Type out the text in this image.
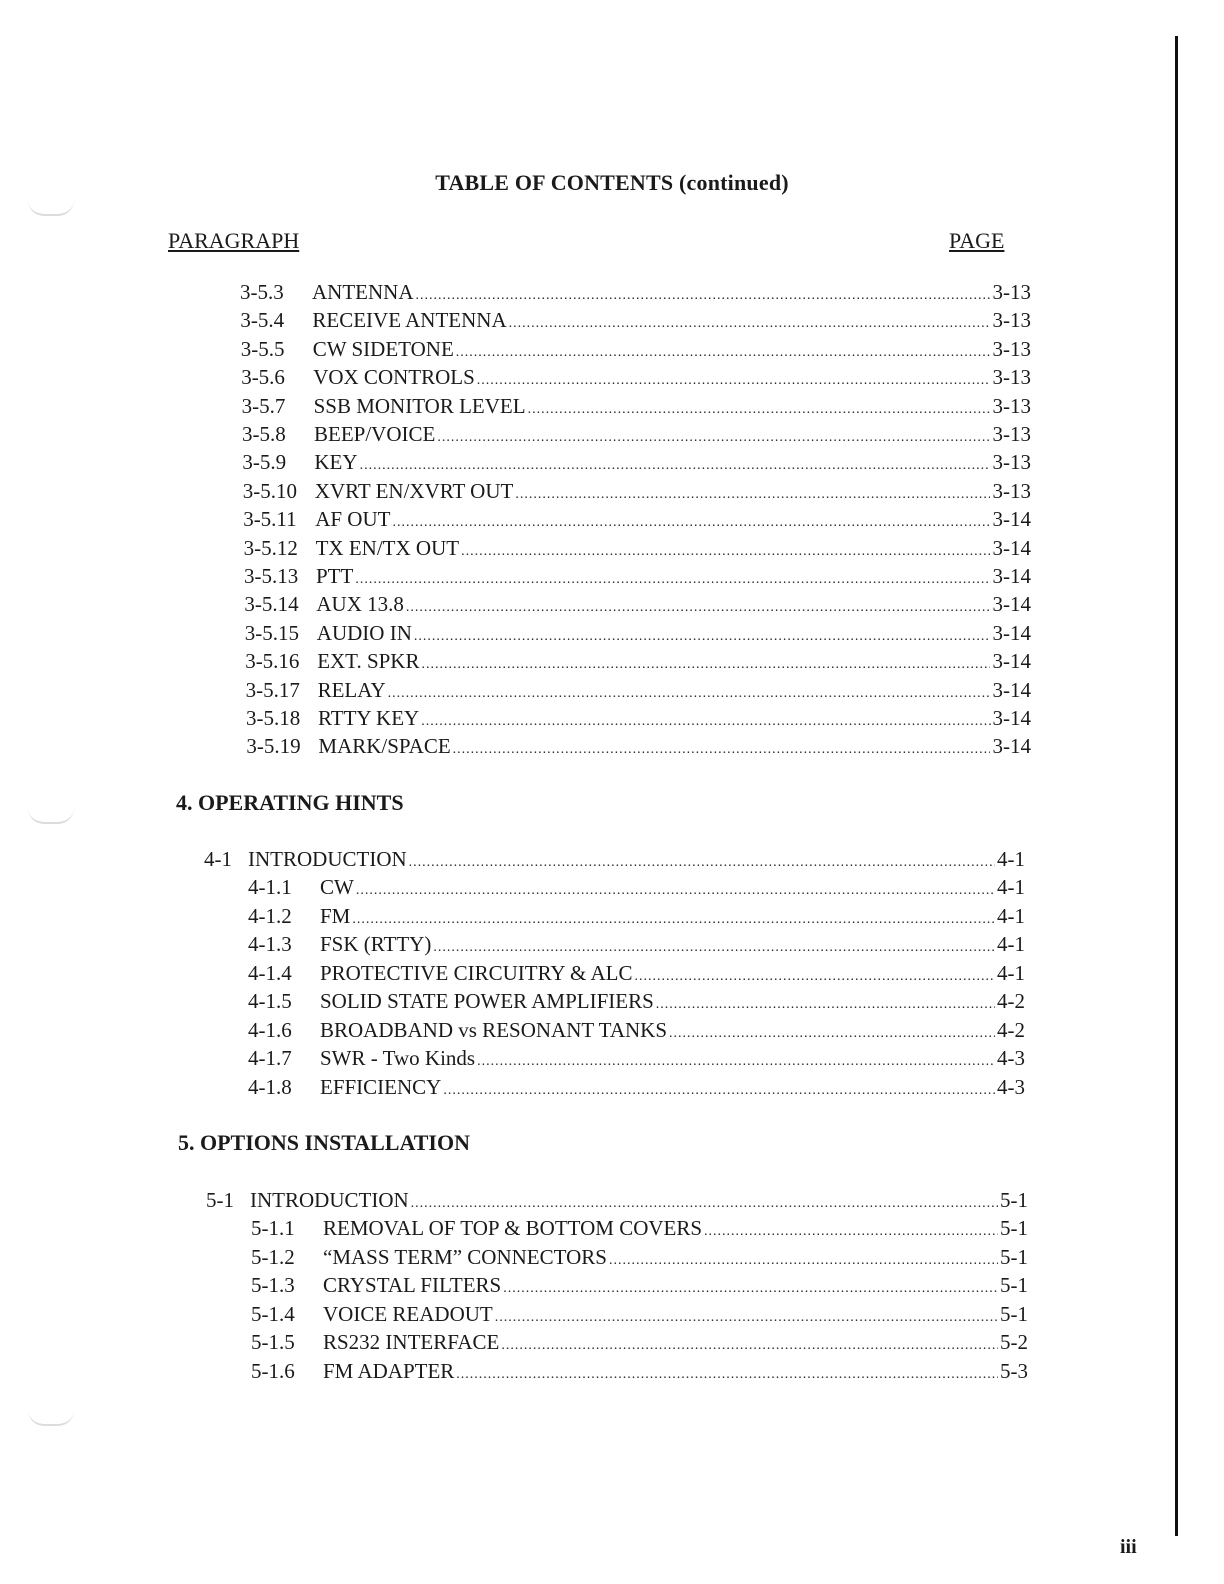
TABLE OF CONTENTS (continued)
PARAGRAPH	PAGE
3-5.3	ANTENNA .....	3-13
3-5.4	RECEIVE ANTENNA .....	3-13
3-5.5	CW SIDETONE .....	3-13
3-5.6	VOX CONTROLS .....	3-13
3-5.7	SSB MONITOR LEVEL .....	3-13
3-5.8	BEEP/VOICE .....	3-13
3-5.9	KEY .....	3-13
3-5.10 XVRT EN/XVRT OUT .....	3-13
3-5.11 AF OUT .....	3-14
3-5.12 TX EN/TX OUT .....	3-14
3-5.13 PTT .....	3-14
3-5.14 AUX 13.8 .....	3-14
3-5.15 AUDIO IN .....	3-14
3-5.16 EXT. SPKR .....	3-14
3-5.17 RELAY .....	3-14
3-5.18 RTTY KEY .....	3-14
3-5.19 MARK/SPACE .....	3-14
4. OPERATING HINTS
4-1 INTRODUCTION .....	4-1
4-1.1	CW .....	4-1
4-1.2	FM .....	4-1
4-1.3	FSK (RTTY) .....	4-1
4-1.4	PROTECTIVE CIRCUITRY & ALC .....	4-1
4-1.5	SOLID STATE POWER AMPLIFIERS .....	4-2
4-1.6	BROADBAND vs RESONANT TANKS .....	4-2
4-1.7	SWR - Two Kinds .....	4-3
4-1.8	EFFICIENCY .....	4-3
5. OPTIONS INSTALLATION
5-1 INTRODUCTION .....	5-1
5-1.1	REMOVAL OF TOP & BOTTOM COVERS .....	5-1
5-1.2	“MASS TERM” CONNECTORS .....	5-1
5-1.3	CRYSTAL FILTERS .....	5-1
5-1.4	VOICE READOUT .....	5-1
5-1.5	RS232 INTERFACE .....	5-2
5-1.6	FM ADAPTER .....	5-3
iii
